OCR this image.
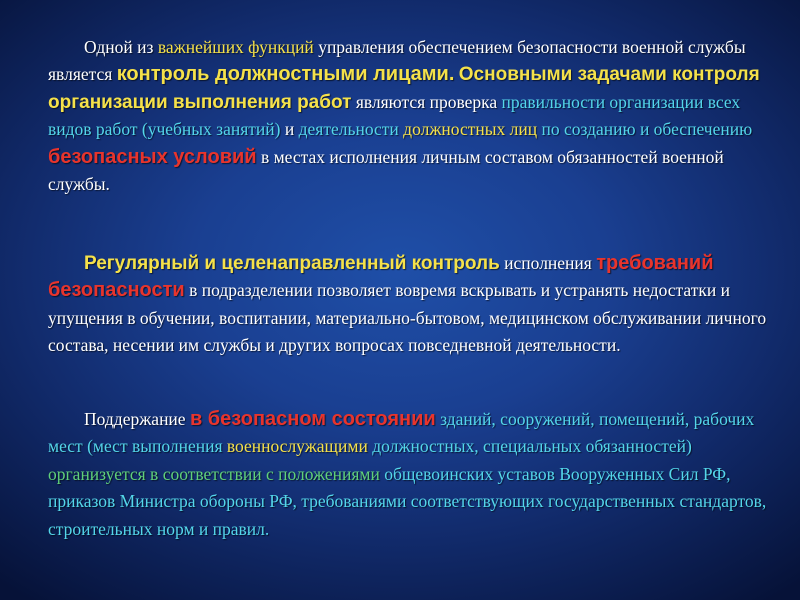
Одной из важнейших функций управления обеспечением безопасности военной службы является контроль должностными лицами. Основными задачами контроля организации выполнения работ являются проверка правильности организации всех видов работ (учебных занятий) и деятельности должностных лиц по созданию и обеспечению безопасных условий в местах исполнения личным составом обязанностей военной службы.

Регулярный и целенаправленный контроль исполнения требований безопасности в подразделении позволяет вовремя вскрывать и устранять недостатки и упущения в обучении, воспитании, материально-бытовом, медицинском обслуживании личного состава, несении им службы и других вопросах повседневной деятельности.

Поддержание в безопасном состоянии зданий, сооружений, помещений, рабочих мест (мест выполнения военнослужащими должностных, специальных обязанностей) организуется в соответствии с положениями общевоинских уставов Вооруженных Сил РФ, приказов Министра обороны РФ, требованиями соответствующих государственных стандартов, строительных норм и правил.
